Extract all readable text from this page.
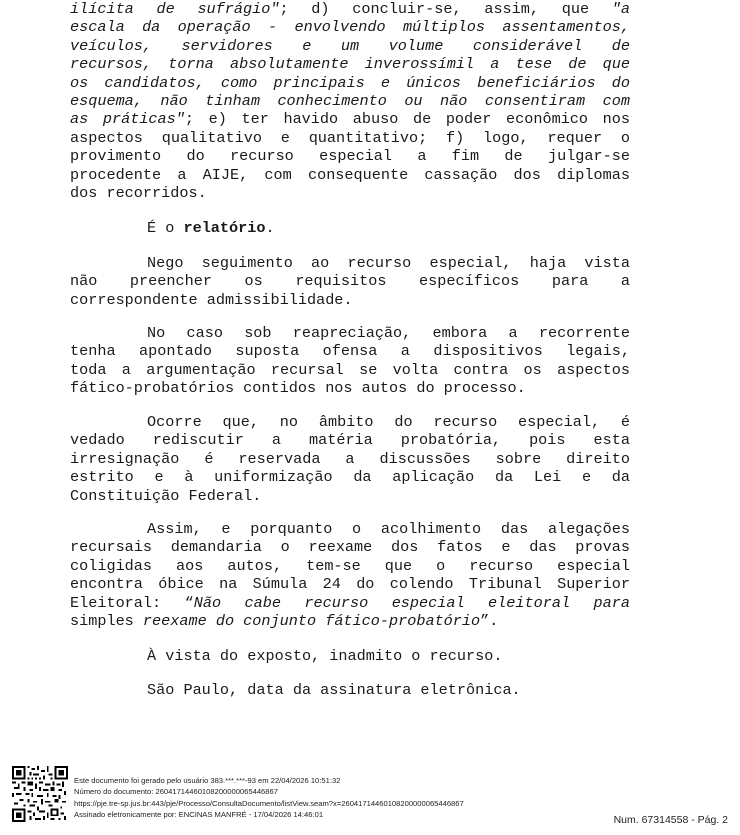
ilícita de sufrágio"; d) concluir-se, assim, que "a
escala da operação - envolvendo múltiplos assentamentos,
veículos, servidores e um volume considerável de
recursos, torna absolutamente inverossímil a tese de que
os candidatos, como principais e únicos beneficiários do
esquema, não tinham conhecimento ou não consentiram com
as práticas"; e) ter havido abuso de poder econômico nos
aspectos qualitativo e quantitativo; f) logo, requer o
provimento do recurso especial a fim de julgar-se
procedente a AIJE, com consequente cassação dos diplomas
dos recorridos.
É o relatório.
Nego seguimento ao recurso especial, haja vista
não preencher os requisitos específicos para a
correspondente admissibilidade.
No caso sob reapreciação, embora a recorrente
tenha apontado suposta ofensa a dispositivos legais,
toda a argumentação recursal se volta contra os aspectos
fático-probatórios contidos nos autos do processo.
Ocorre que, no âmbito do recurso especial, é
vedado rediscutir a matéria probatória, pois esta
irresignação é reservada a discussões sobre direito
estrito e à uniformização da aplicação da Lei e da
Constituição Federal.
Assim, e porquanto o acolhimento das alegações
recursais demandaria o reexame dos fatos e das provas
coligidas aos autos, tem-se que o recurso especial
encontra óbice na Súmula 24 do colendo Tribunal Superior
Eleitoral: “Não cabe recurso especial eleitoral para
simples reexame do conjunto fático-probatório”.
À vista do exposto, inadmito o recurso.
São Paulo, data da assinatura eletrônica.
Este documento foi gerado pelo usuário 383.***.***-93 em 22/04/2026 10:51:32
Número do documento: 26041714460108200000065446867
https://pje.tre-sp.jus.br:443/pje/Processo/ConsultaDocumento/listView.seam?x=26041714460108200000065446867
Assinado eletronicamente por: ENCINAS MANFRÉ - 17/04/2026 14:46:01	Num. 67314558 - Pág. 2
